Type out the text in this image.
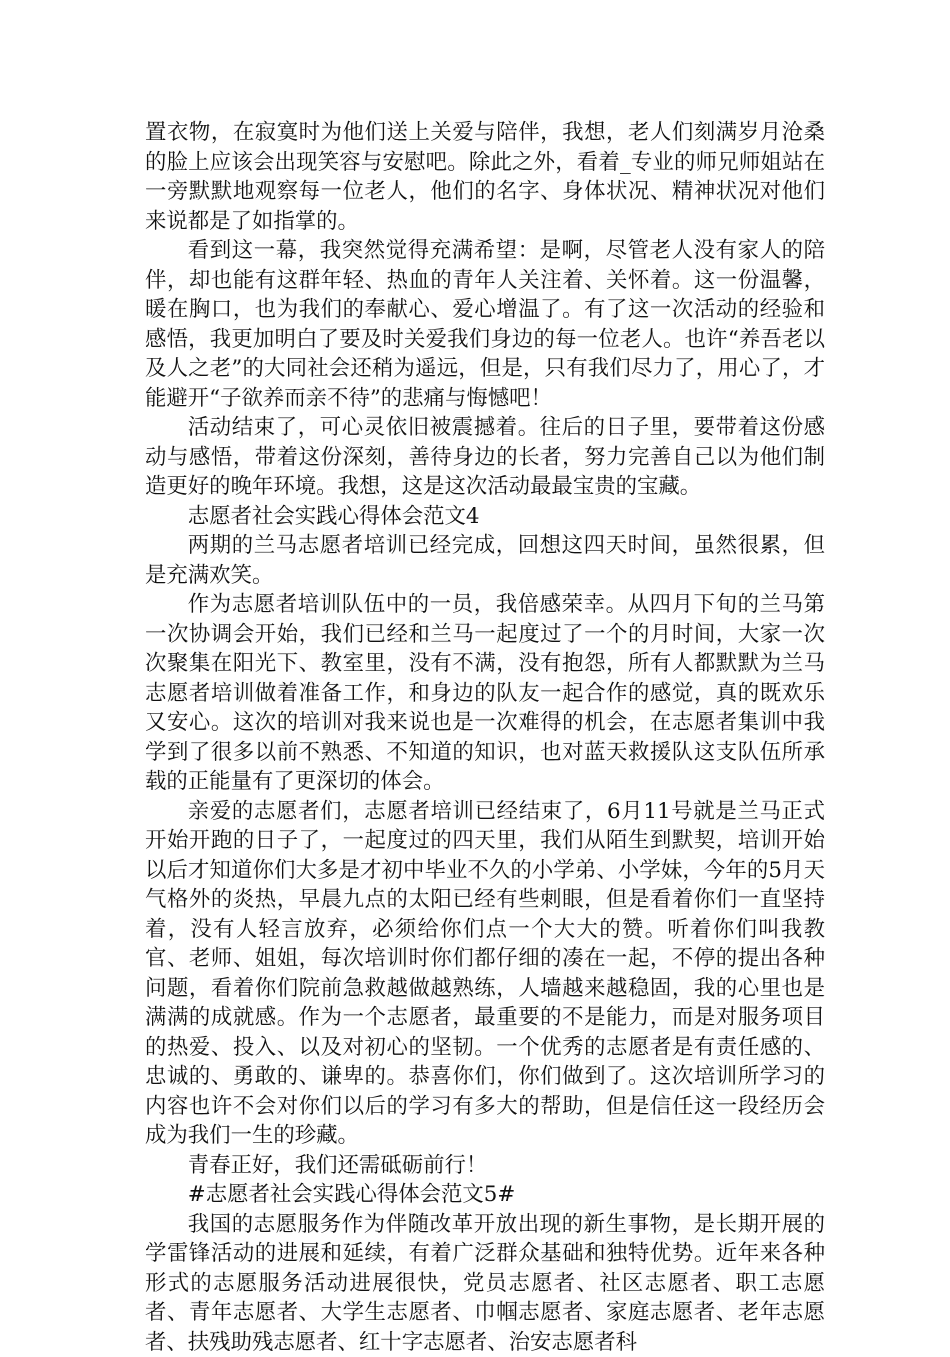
置衣物，在寂寞时为他们送上关爱与陪伴，我想，老人们刻满岁月沧桑的脸上应该会出现笑容与安慰吧。除此之外，看着_专业的师兄师姐站在一旁默默地观察每一位老人，他们的名字、身体状况、精神状况对他们来说都是了如指掌的。

看到这一幕，我突然觉得充满希望：是啊，尽管老人没有家人的陪伴，却也能有这群年轻、热血的青年人关注着、关怀着。这一份温馨，暖在胸口，也为我们的奉献心、爱心增温了。有了这一次活动的经验和感悟，我更加明白了要及时关爱我们身边的每一位老人。也许“养吾老以及人之老”的大同社会还稍为遥远，但是，只有我们尽力了，用心了，才能避开“子欲养而亲不待”的悲痛与悔憾吧！

活动结束了，可心灵依旧被震撼着。往后的日子里，要带着这份感动与感悟，带着这份深刻，善待身边的长者，努力完善自己以为他们制造更好的晚年环境。我想，这是这次活动最最宝贵的宝藏。

志愿者社会实践心得体会范文4

两期的兰马志愿者培训已经完成，回想这四天时间，虽然很累，但是充满欢笑。

作为志愿者培训队伍中的一员，我倍感荣幸。从四月下旬的兰马第一次协调会开始，我们已经和兰马一起度过了一个的月时间，大家一次次聚集在阳光下、教室里，没有不满，没有抱怨，所有人都默默为兰马志愿者培训做着准备工作，和身边的队友一起合作的感觉，真的既欢乐又安心。这次的培训对我来说也是一次难得的机会，在志愿者集训中我学到了很多以前不熟悉、不知道的知识，也对蓝天救援队这支队伍所承载的正能量有了更深切的体会。

亲爱的志愿者们，志愿者培训已经结束了，6月11号就是兰马正式开始开跑的日子了，一起度过的四天里，我们从陌生到默契，培训开始以后才知道你们大多是才初中毕业不久的小学弟、小学妹，今年的5月天气格外的炎热，早晨九点的太阳已经有些刺眼，但是看着你们一直坚持着，没有人轻言放弃，必须给你们点一个大大的赞。听着你们叫我教官、老师、姐姐，每次培训时你们都仔细的凑在一起，不停的提出各种问题，看着你们院前急救越做越熟练，人墙越来越稳固，我的心里也是满满的成就感。作为一个志愿者，最重要的不是能力，而是对服务项目的热爱、投入、以及对初心的坚韧。一个优秀的志愿者是有责任感的、忠诚的、勇敢的、谦卑的。恭喜你们，你们做到了。这次培训所学习的内容也许不会对你们以后的学习有多大的帮助，但是信任这一段经历会成为我们一生的珍藏。

青春正好，我们还需砥砺前行！

#志愿者社会实践心得体会范文5#

我国的志愿服务作为伴随改革开放出现的新生事物，是长期开展的学雷锋活动的进展和延续，有着广泛群众基础和独特优势。近年来各种形式的志愿服务活动进展很快，党员志愿者、社区志愿者、职工志愿者、青年志愿者、大学生志愿者、巾帼志愿者、家庭志愿者、老年志愿者、扶残助残志愿者、红十字志愿者、治安志愿者科
